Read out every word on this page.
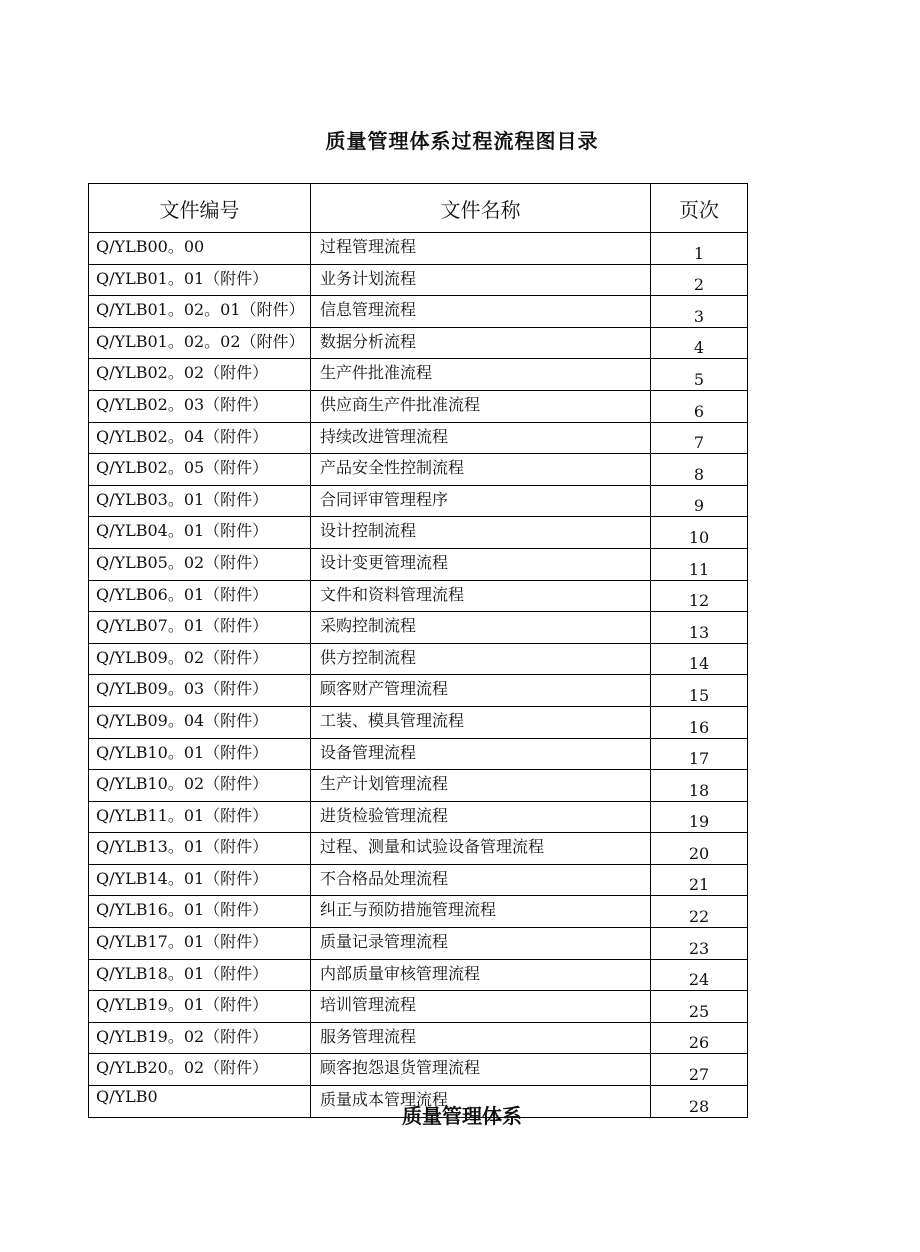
质量管理体系过程流程图目录
文件编号	文件名称	页次
Q/YLB00。00	过程管理流程	1
Q/YLB01。01（附件）	业务计划流程	2
Q/YLB01。02。01（附件）	信息管理流程	3
Q/YLB01。02。02（附件）	数据分析流程	4
Q/YLB02。02（附件）	生产件批准流程	5
Q/YLB02。03（附件）	供应商生产件批准流程	6
Q/YLB02。04（附件）	持续改进管理流程	7
Q/YLB02。05（附件）	产品安全性控制流程	8
Q/YLB03。01（附件）	合同评审管理程序	9
Q/YLB04。01（附件）	设计控制流程	10
Q/YLB05。02（附件）	设计变更管理流程	11
Q/YLB06。01（附件）	文件和资料管理流程	12
Q/YLB07。01（附件）	采购控制流程	13
Q/YLB09。02（附件）	供方控制流程	14
Q/YLB09。03（附件）	顾客财产管理流程	15
Q/YLB09。04（附件）	工装、模具管理流程	16
Q/YLB10。01（附件）	设备管理流程	17
Q/YLB10。02（附件）	生产计划管理流程	18
Q/YLB11。01（附件）	进货检验管理流程	19
Q/YLB13。01（附件）	过程、测量和试验设备管理流程	20
Q/YLB14。01（附件）	不合格品处理流程	21
Q/YLB16。01（附件）	纠正与预防措施管理流程	22
Q/YLB17。01（附件）	质量记录管理流程	23
Q/YLB18。01（附件）	内部质量审核管理流程	24
Q/YLB19。01（附件）	培训管理流程	25
Q/YLB19。02（附件）	服务管理流程	26
Q/YLB20。02（附件）	顾客抱怨退货管理流程	27
Q/YLB0	质量成本管理流程	28
质量管理体系
